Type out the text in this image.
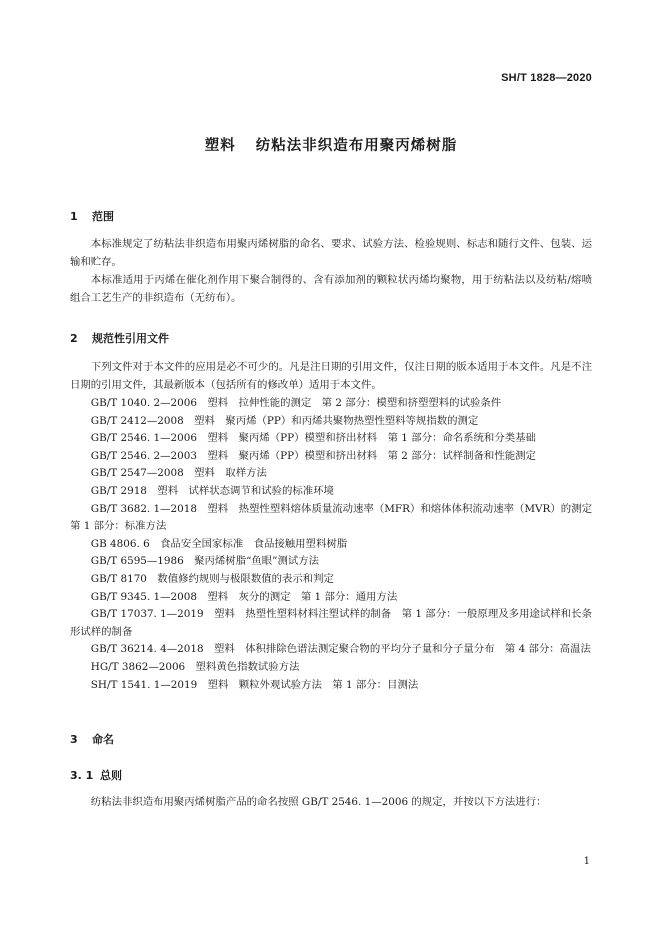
SH/T 1828—2020
塑料 纺粘法非织造布用聚丙烯树脂
1 范围
本标准规定了纺粘法非织造布用聚丙烯树脂的命名、要求、试验方法、检验规则、标志和随行文件、包装、运输和贮存。
本标准适用于丙烯在催化剂作用下聚合制得的、含有添加剂的颗粒状丙烯均聚物，用于纺粘法以及纺粘/熔喷组合工艺生产的非织造布（无纺布）。
2 规范性引用文件
下列文件对于本文件的应用是必不可少的。凡是注日期的引用文件，仅注日期的版本适用于本文件。凡是不注日期的引用文件，其最新版本（包括所有的修改单）适用于本文件。
GB/T 1040. 2—2006　塑料　拉伸性能的测定　第 2 部分：模塑和挤塑塑料的试验条件
GB/T 2412—2008　塑料　聚丙烯（PP）和丙烯共聚物热塑性塑料等规指数的测定
GB/T 2546. 1—2006　塑料　聚丙烯（PP）模塑和挤出材料　第 1 部分：命名系统和分类基础
GB/T 2546. 2—2003　塑料　聚丙烯（PP）模塑和挤出材料　第 2 部分：试样制备和性能测定
GB/T 2547—2008　塑料　取样方法
GB/T 2918　塑料　试样状态调节和试验的标准环境
GB/T 3682. 1—2018　塑料　热塑性塑料熔体质量流动速率（MFR）和熔体体积流动速率（MVR）的测定　第 1 部分：标准方法
GB 4806. 6　食品安全国家标准　食品接触用塑料树脂
GB/T 6595—1986　聚丙烯树脂“鱼眼”测试方法
GB/T 8170　数值修约规则与极限数值的表示和判定
GB/T 9345. 1—2008　塑料　灰分的测定　第 1 部分：通用方法
GB/T 17037. 1—2019　塑料　热塑性塑料材料注塑试样的制备　第 1 部分：一般原理及多用途试样和长条形试样的制备
GB/T 36214. 4—2018　塑料　体积排除色谱法测定聚合物的平均分子量和分子量分布　第 4 部分：高温法
HG/T 3862—2006　塑料黄色指数试验方法
SH/T 1541. 1—2019　塑料　颗粒外观试验方法　第 1 部分：目测法
3 命名
3. 1 总则
纺粘法非织造布用聚丙烯树脂产品的命名按照 GB/T 2546. 1—2006 的规定，并按以下方法进行：
1
